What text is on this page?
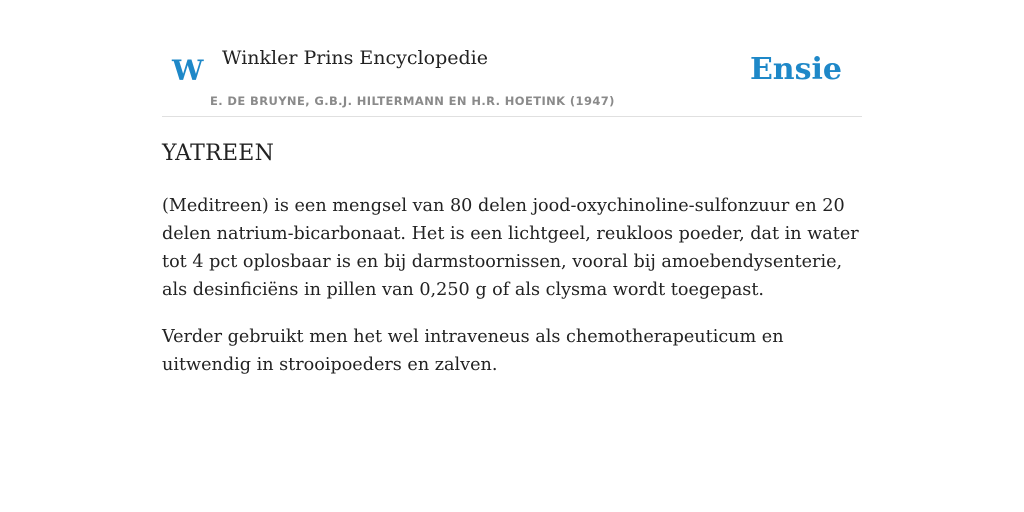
W Winkler Prins Encyclopedie
E. DE BRUYNE, G.B.J. HILTERMANN EN H.R. HOETINK (1947)
Ensie
YATREEN

(Meditreen) is een mengsel van 80 delen jood-oxychinoline-sulfonzuur en 20 delen natrium-bicarbonaat. Het is een lichtgeel, reukloos poeder, dat in water tot 4 pct oplosbaar is en bij darmstoornissen, vooral bij amoebendysenterie, als desinficiëns in pillen van 0,250 g of als clysma wordt toegepast.

Verder gebruikt men het wel intraveneus als chemotherapeuticum en uitwendig in strooipoeders en zalven.
